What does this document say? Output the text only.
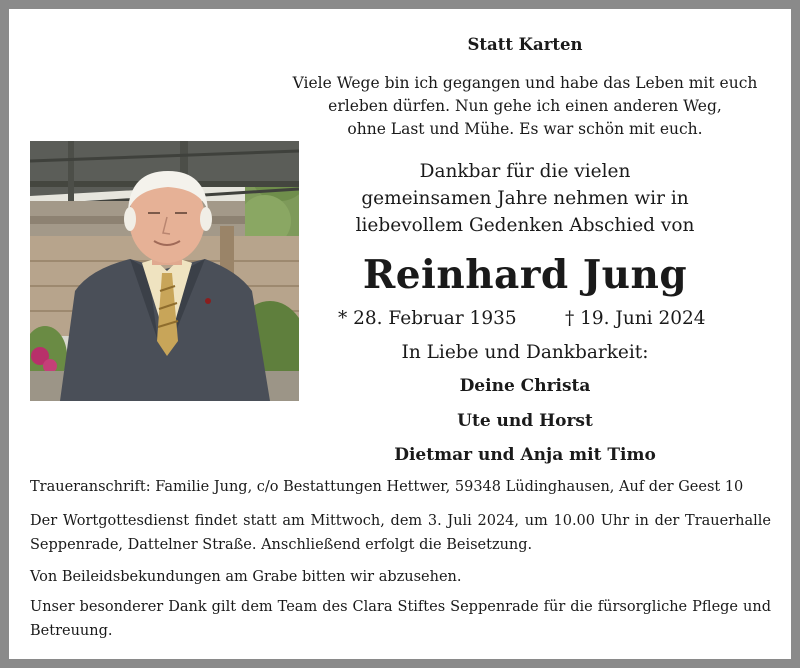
Statt Karten
Viele Wege bin ich gegangen und habe das Leben mit euch
erleben dürfen. Nun gehe ich einen anderen Weg,
ohne Last und Mühe. Es war schön mit euch.
Dankbar für die vielen
gemeinsamen Jahre nehmen wir in
liebevollem Gedenken Abschied von
Reinhard Jung
* 28. Februar 1935	† 19. Juni 2024
In Liebe und Dankbarkeit:
Deine Christa
Ute und Horst
Dietmar und Anja mit Timo
Traueranschrift: Familie Jung, c/o Bestattungen Hettwer, 59348 Lüdinghausen, Auf der Geest 10
Der Wortgottesdienst findet statt am Mittwoch, dem 3. Juli 2024, um 10.00 Uhr in der Trauerhalle Seppenrade, Dattelner Straße. Anschließend erfolgt die Beisetzung.
Von Beileidsbekundungen am Grabe bitten wir abzusehen.
Unser besonderer Dank gilt dem Team des Clara Stiftes Seppenrade für die fürsorgliche Pflege und Betreuung.
